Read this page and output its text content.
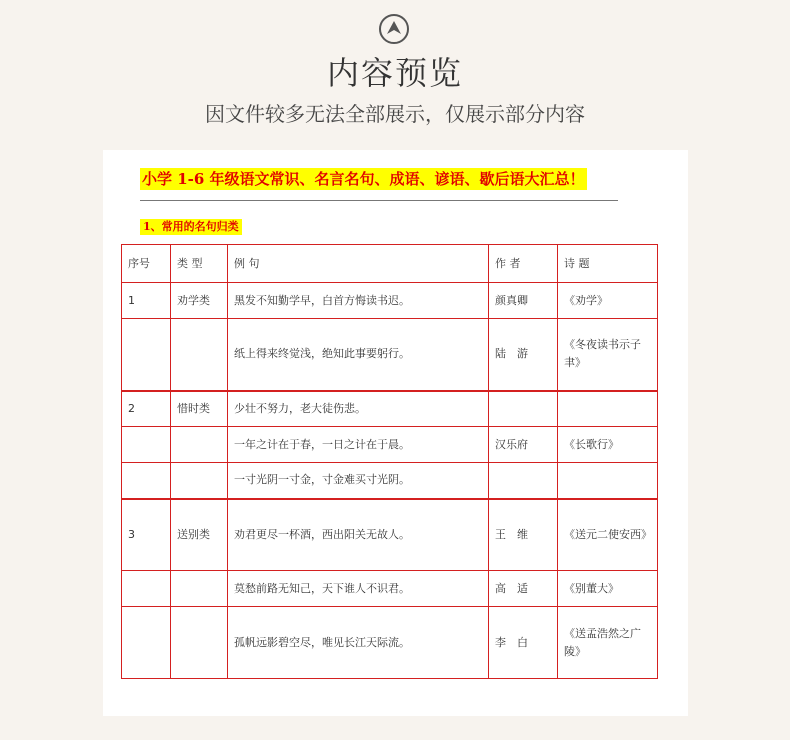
内容预览
因文件较多无法全部展示，仅展示部分内容
小学 1-6 年级语文常识、名言名句、成语、谚语、歇后语大汇总！
1、常用的名句归类
序号	类 型	例 句	作 者	诗 题
1	劝学类	黑发不知勤学早，白首方悔读书迟。	颜真卿	《劝学》
		纸上得来终觉浅，绝知此事要躬行。	陆　游	《冬夜读书示子聿》
2	惜时类	少壮不努力，老大徒伤悲。		
		一年之计在于春，一日之计在于晨。	汉乐府	《长歌行》
		一寸光阴一寸金，寸金难买寸光阴。		
3	送别类	劝君更尽一杯酒，西出阳关无故人。	王　维	《送元二使安西》
		莫愁前路无知己，天下谁人不识君。	高　适	《别董大》
		孤帆远影碧空尽，唯见长江天际流。	李　白	《送孟浩然之广陵》
